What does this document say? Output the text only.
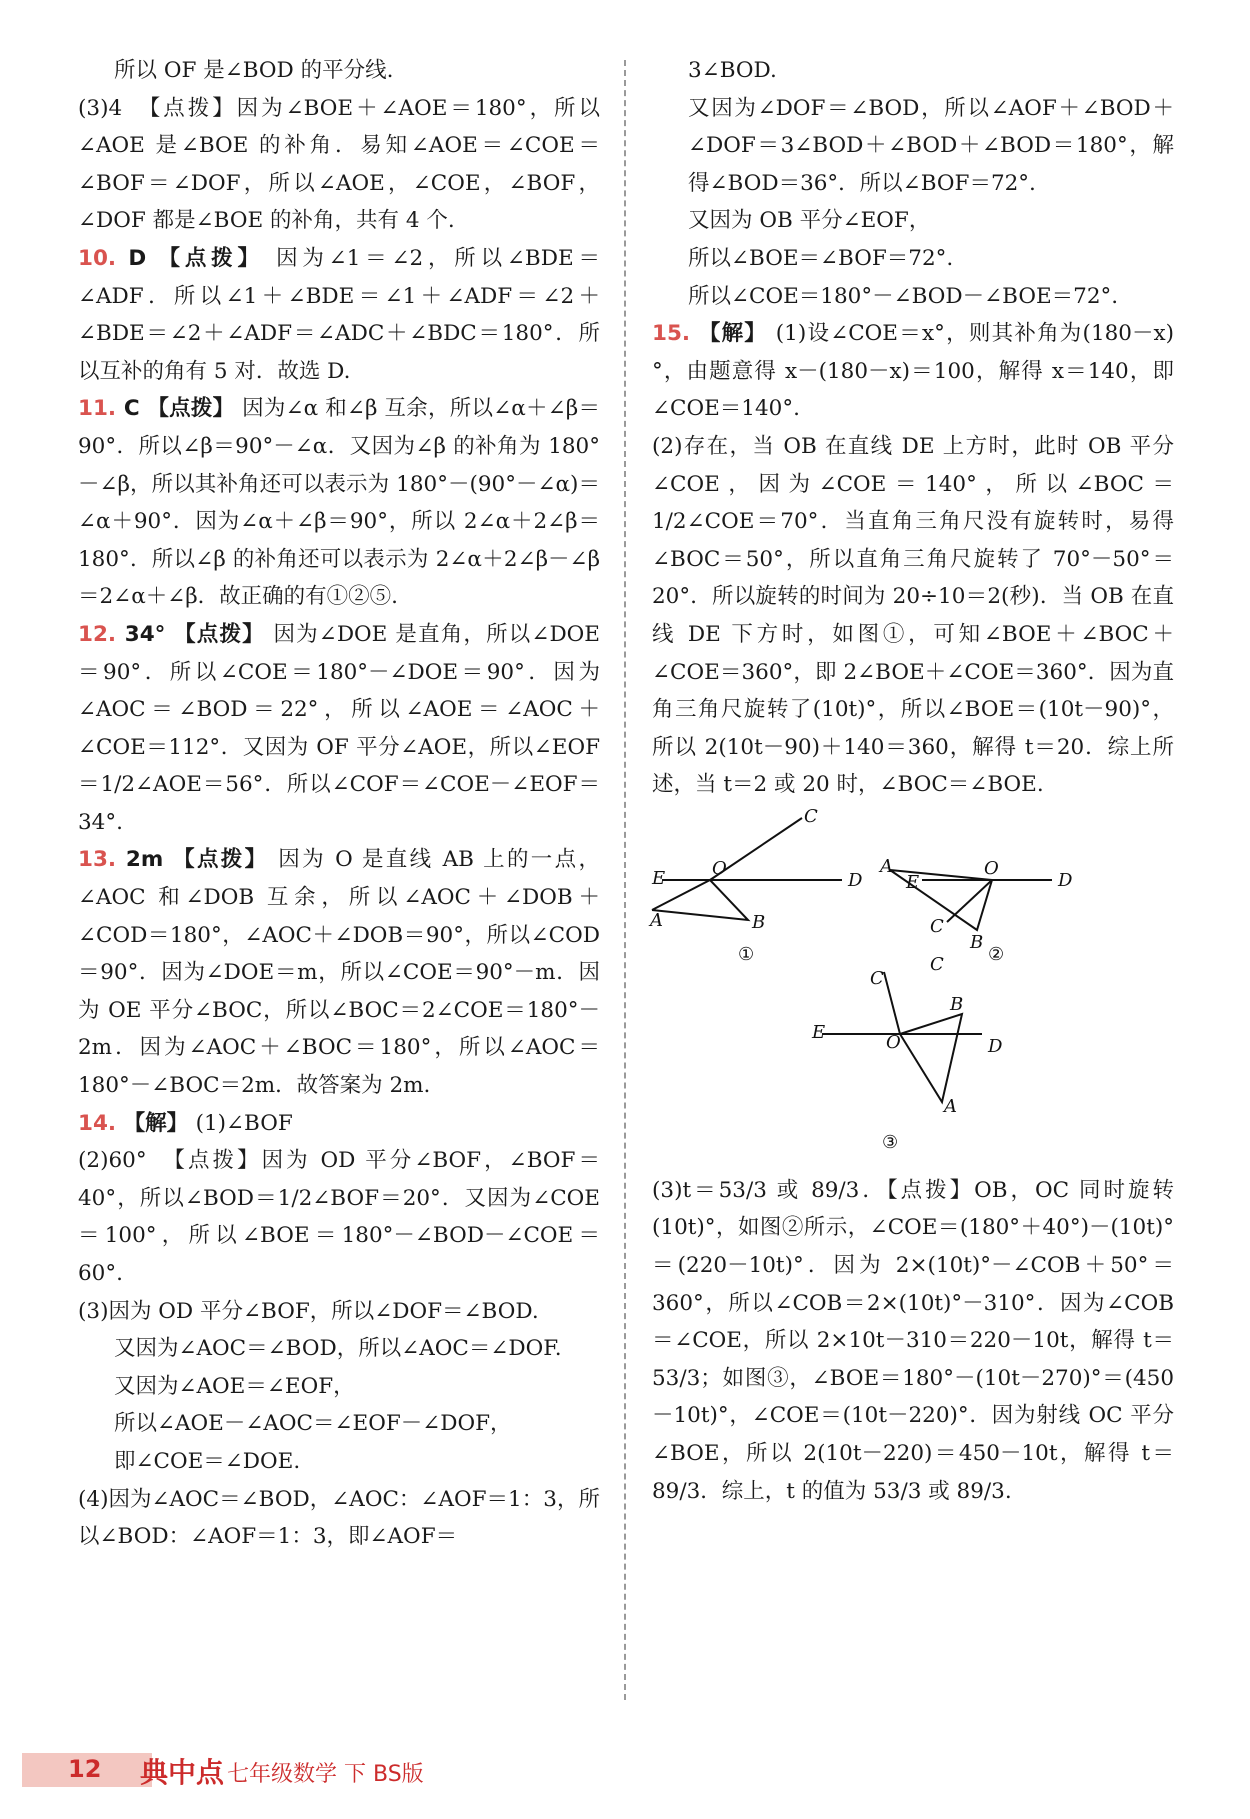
所以 OF 是∠BOD 的平分线.

(3)4　【点拨】因为∠BOE＋∠AOE＝180°，所以∠AOE 是∠BOE 的补角．易知∠AOE＝∠COE＝∠BOF＝∠DOF，所以∠AOE，∠COE，∠BOF，∠DOF 都是∠BOE 的补角，共有 4 个.

10. D 【点拨】 因为∠1＝∠2，所以∠BDE＝∠ADF．所以∠1＋∠BDE＝∠1＋∠ADF＝∠2＋∠BDE＝∠2＋∠ADF＝∠ADC＋∠BDC＝180°．所以互补的角有 5 对．故选 D.

11. C 【点拨】 因为∠α 和∠β 互余，所以∠α＋∠β＝90°．所以∠β＝90°－∠α．又因为∠β 的补角为 180°－∠β，所以其补角还可以表示为 180°－(90°－∠α)＝∠α＋90°．因为∠α＋∠β＝90°，所以 2∠α＋2∠β＝180°．所以∠β 的补角还可以表示为 2∠α＋2∠β－∠β＝2∠α＋∠β．故正确的有①②⑤.

12. 34° 【点拨】 因为∠DOE 是直角，所以∠DOE＝90°．所以∠COE＝180°－∠DOE＝90°．因为∠AOC＝∠BOD＝22°，所以∠AOE＝∠AOC＋∠COE＝112°．又因为 OF 平分∠AOE，所以∠EOF＝1/2∠AOE＝56°．所以∠COF＝∠COE－∠EOF＝34°.

13. 2m 【点拨】 因为 O 是直线 AB 上的一点，∠AOC 和∠DOB 互余，所以∠AOC＋∠DOB＋∠COD＝180°，∠AOC＋∠DOB＝90°，所以∠COD＝90°．因为∠DOE＝m，所以∠COE＝90°－m．因为 OE 平分∠BOC，所以∠BOC＝2∠COE＝180°－2m．因为∠AOC＋∠BOC＝180°，所以∠AOC＝180°－∠BOC＝2m．故答案为 2m.

14. 【解】 (1)∠BOF

(2)60°　【点拨】因为 OD 平分∠BOF，∠BOF＝40°，所以∠BOD＝1/2∠BOF＝20°．又因为∠COE＝100°，所以∠BOE＝180°－∠BOD－∠COE＝60°.

(3)因为 OD 平分∠BOF，所以∠DOF＝∠BOD.

又因为∠AOC＝∠BOD，所以∠AOC＝∠DOF.

又因为∠AOE＝∠EOF，

所以∠AOE－∠AOC＝∠EOF－∠DOF，

即∠COE＝∠DOE.

(4)因为∠AOC＝∠BOD，∠AOC：∠AOF＝1：3，所以∠BOD：∠AOF＝1：3，即∠AOF＝

3∠BOD.

又因为∠DOF＝∠BOD，所以∠AOF＋∠BOD＋∠DOF＝3∠BOD＋∠BOD＋∠BOD＝180°，解得∠BOD＝36°．所以∠BOF＝72°.

又因为 OB 平分∠EOF，

所以∠BOE＝∠BOF＝72°.

所以∠COE＝180°－∠BOD－∠BOE＝72°.

15. 【解】 (1)设∠COE＝x°，则其补角为(180－x)°，由题意得 x－(180－x)＝100，解得 x＝140，即∠COE＝140°.

(2)存在，当 OB 在直线 DE 上方时，此时 OB 平分∠COE，因为∠COE＝140°，所以∠BOC＝1/2∠COE＝70°．当直角三角尺没有旋转时，易得∠BOC＝50°，所以直角三角尺旋转了 70°－50°＝20°．所以旋转的时间为 20÷10＝2(秒)．当 OB 在直线 DE 下方时，如图①，可知∠BOE＋∠BOC＋∠COE＝360°，即 2∠BOE＋∠COE＝360°．因为直角三角尺旋转了(10t)°，所以∠BOE＝(10t－90)°，所以 2(10t－90)＋140＝360，解得 t＝20．综上所述，当 t＝2 或 20 时，∠BOC＝∠BOE.

C
E	O
D
A	B
①
A
E
O
D
C
B
②
C
C
B
E	O	D
A
③

(3)t＝53/3 或 89/3．【点拨】OB，OC 同时旋转(10t)°，如图②所示，∠COE＝(180°＋40°)－(10t)°＝(220－10t)°．因为 2×(10t)°－∠COB＋50°＝360°，所以∠COB＝2×(10t)°－310°．因为∠COB＝∠COE，所以 2×10t－310＝220－10t，解得 t＝53/3；如图③，∠BOE＝180°－(10t－270)°＝(450－10t)°，∠COE＝(10t－220)°．因为射线 OC 平分∠BOE，所以 2(10t－220)＝450－10t，解得 t＝89/3．综上，t 的值为 53/3 或 89/3.

12 典中点 七年级数学 下 BS版
